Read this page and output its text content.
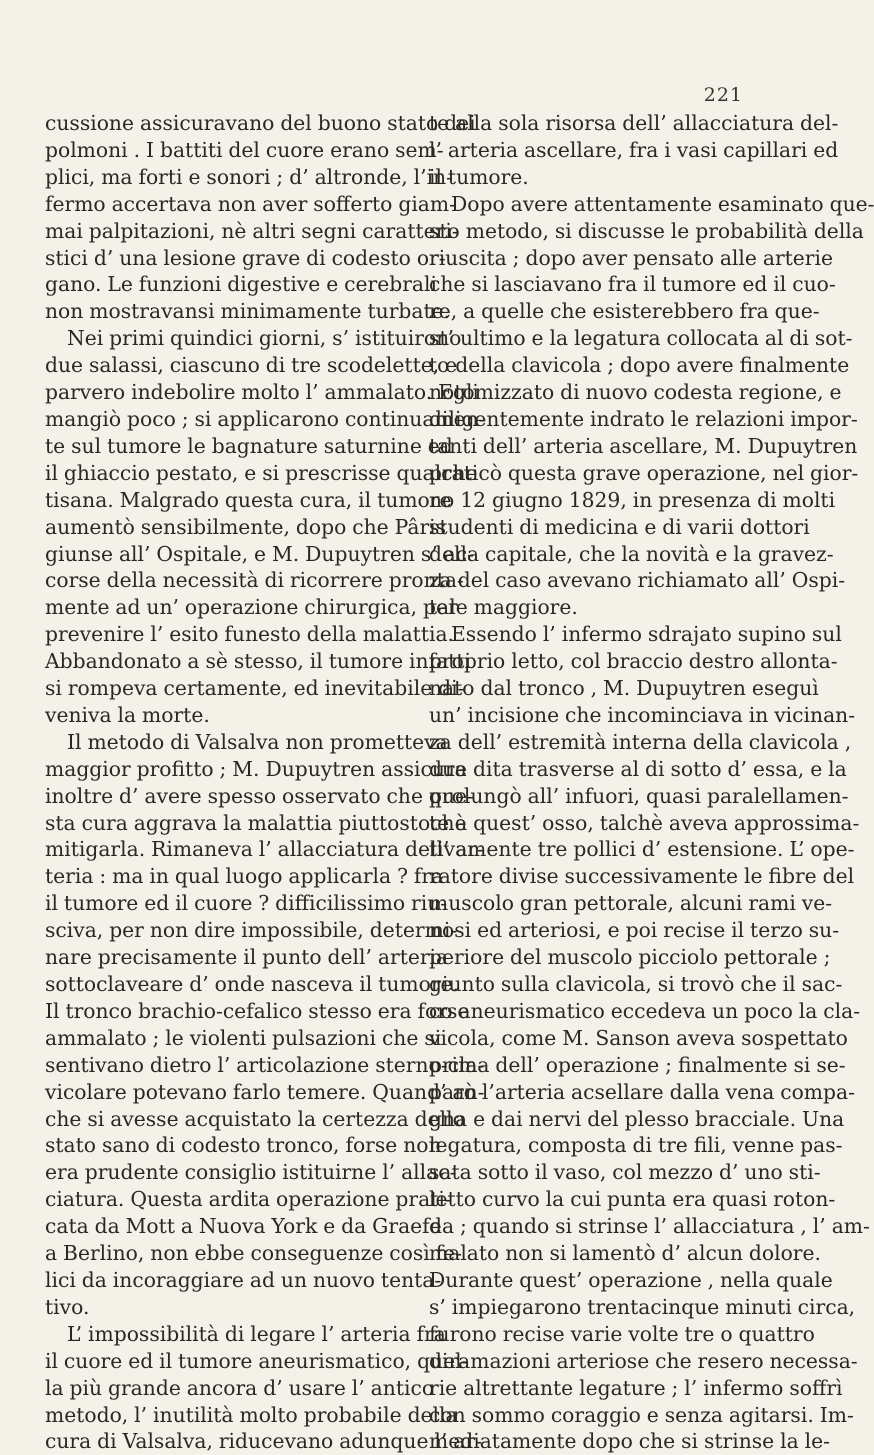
221
cussione assicuravano del buono stato dei
polmoni . I battiti del cuore erano sem-
plici, ma forti e sonori ; d’ altronde, l’in-
fermo accertava non aver sofferto giam-
mai palpitazioni, nè altri segni caratteri-
stici d’ una lesione grave di codesto or-
gano. Le funzioni digestive e cerebrali
non mostravansi minimamente turbate.
Nei primi quindici giorni, s’ istituirono
due salassi, ciascuno di tre scodelette, e
parvero indebolire molto l’ ammalato. Egli
mangiò poco ; si applicarono continuamen-
te sul tumore le bagnature saturnine ed
il ghiaccio pestato, e si prescrisse qualche
tisana. Malgrado questa cura, il tumore
aumentò sensibilmente, dopo che Pâris
giunse all’ Ospitale, e M. Dupuytren s’ ac-
corse della necessità di ricorrere pronta-
mente ad un’ operazione chirurgica, per
prevenire l’ esito funesto della malattia.
Abbandonato a sè stesso, il tumore infatti
si rompeva certamente, ed inevitabile di-
veniva la morte.
Il metodo di Valsalva non prometteva
maggior profitto ; M. Dupuytren assicura
inoltre d’ avere spesso osservato che que-
sta cura aggrava la malattia piuttostochè
mitigarla. Rimaneva l’ allacciatura dell’ ar-
teria : ma in qual luogo applicarla ? fra
il tumore ed il cuore ? difficilissimo riu-
sciva, per non dire impossibile, determi-
nare precisamente il punto dell’ arteria
sottoclaveare d’ onde nasceva il tumore.
Il tronco brachio-cefalico stesso era forse
ammalato ; le violenti pulsazioni che si
sentivano dietro l’ articolazione sterno-cla-
vicolare potevano farlo temere. Quand’ an-
che si avesse acquistato la certezza dello
stato sano di codesto tronco, forse non
era prudente consiglio istituirne l’ allac-
ciatura. Questa ardita operazione prati-
cata da Mott a Nuova York e da Graefe
a Berlino, non ebbe conseguenze così fe-
lici da incoraggiare ad un nuovo tenta-
tivo.
L’ impossibilità di legare l’ arteria fra
il cuore ed il tumore aneurismatico, quel-
la più grande ancora d’ usare l’ antico
metodo, l’ inutilità molto probabile della
cura di Valsalva, riducevano adunque l’ ar-
te alla sola risorsa dell’ allacciatura del-
l’ arteria ascellare, fra i vasi capillari ed
il tumore.
Dopo avere attentamente esaminato que-
sto metodo, si discusse le probabilità della
riuscita ; dopo aver pensato alle arterie
che si lasciavano fra il tumore ed il cuo-
re, a quelle che esisterebbero fra que-
st’ ultimo e la legatura collocata al di sot-
to della clavicola ; dopo avere finalmente
notomizzato di nuovo codesta regione, e
diligentemente indrato le relazioni impor-
tanti dell’ arteria ascellare, M. Dupuytren
praticò questa grave operazione, nel gior-
no 12 giugno 1829, in presenza di molti
studenti di medicina e di varii dottori
della capitale, che la novità e la gravez-
za del caso avevano richiamato all’ Ospi-
tale maggiore.
Essendo l’ infermo sdrajato supino sul
proprio letto, col braccio destro allonta-
nato dal tronco , M. Dupuytren eseguì
un’ incisione che incominciava in vicinan-
za dell’ estremità interna della clavicola ,
due dita trasverse al di sotto d’ essa, e la
prolungò all’ infuori, quasi paralellamen-
te a quest’ osso, talchè aveva approssima-
tivamente tre pollici d’ estensione. L’ ope-
ratore divise successivamente le fibre del
muscolo gran pettorale, alcuni rami ve-
nosi ed arteriosi, e poi recise il terzo su-
periore del muscolo picciolo pettorale ;
giunto sulla clavicola, si trovò che il sac-
co aneurismatico eccedeva un poco la cla-
vicola, come M. Sanson aveva sospettato
prima dell’ operazione ; finalmente si se-
parò l’arteria acsellare dalla vena compa-
gna e dai nervi del plesso bracciale. Una
legatura, composta di tre fili, venne pas-
sata sotto il vaso, col mezzo d’ uno sti-
letto curvo la cui punta era quasi roton-
da ; quando si strinse l’ allacciatura , l’ am-
malato non si lamentò d’ alcun dolore.
Durante quest’ operazione , nella quale
s’ impiegarono trentacinque minuti circa,
furono recise varie volte tre o quattro
diramazioni arteriose che resero necessa-
rie altrettante legature ; l’ infermo soffrì
con sommo coraggio e senza agitarsi. Im-
mediatamente dopo che si strinse la le-
